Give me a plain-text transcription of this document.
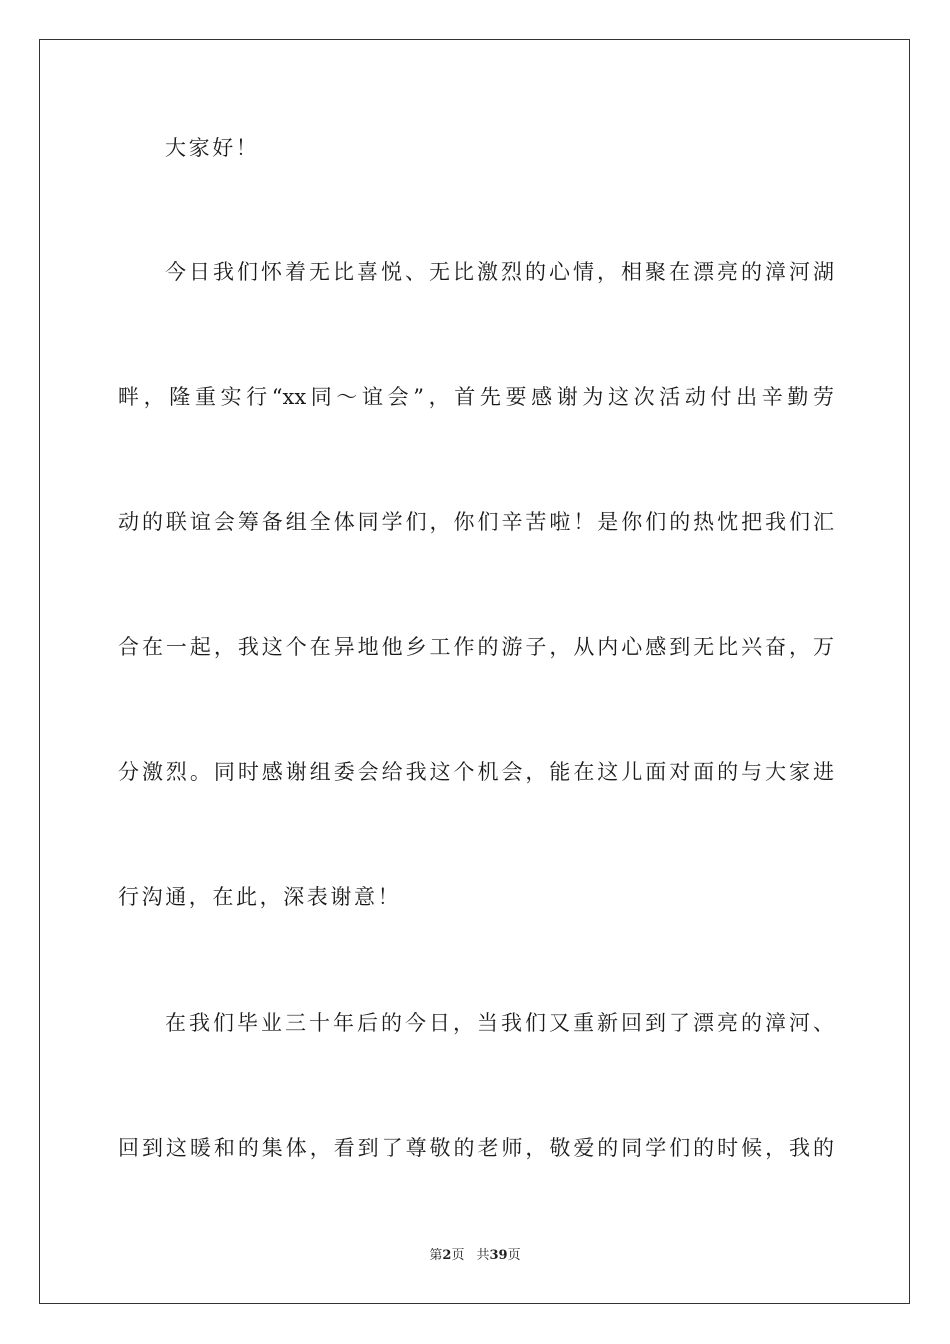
大家好！
今日我们怀着无比喜悦、无比激烈的心情，相聚在漂亮的漳河湖
畔，隆重实行“xx同～谊会”，首先要感谢为这次活动付出辛勤劳
动的联谊会筹备组全体同学们，你们辛苦啦！是你们的热忱把我们汇
合在一起，我这个在异地他乡工作的游子，从内心感到无比兴奋，万
分激烈。同时感谢组委会给我这个机会，能在这儿面对面的与大家进
行沟通，在此，深表谢意！
在我们毕业三十年后的今日，当我们又重新回到了漂亮的漳河、
回到这暖和的集体，看到了尊敬的老师，敬爱的同学们的时候，我的
第2页 共39页
